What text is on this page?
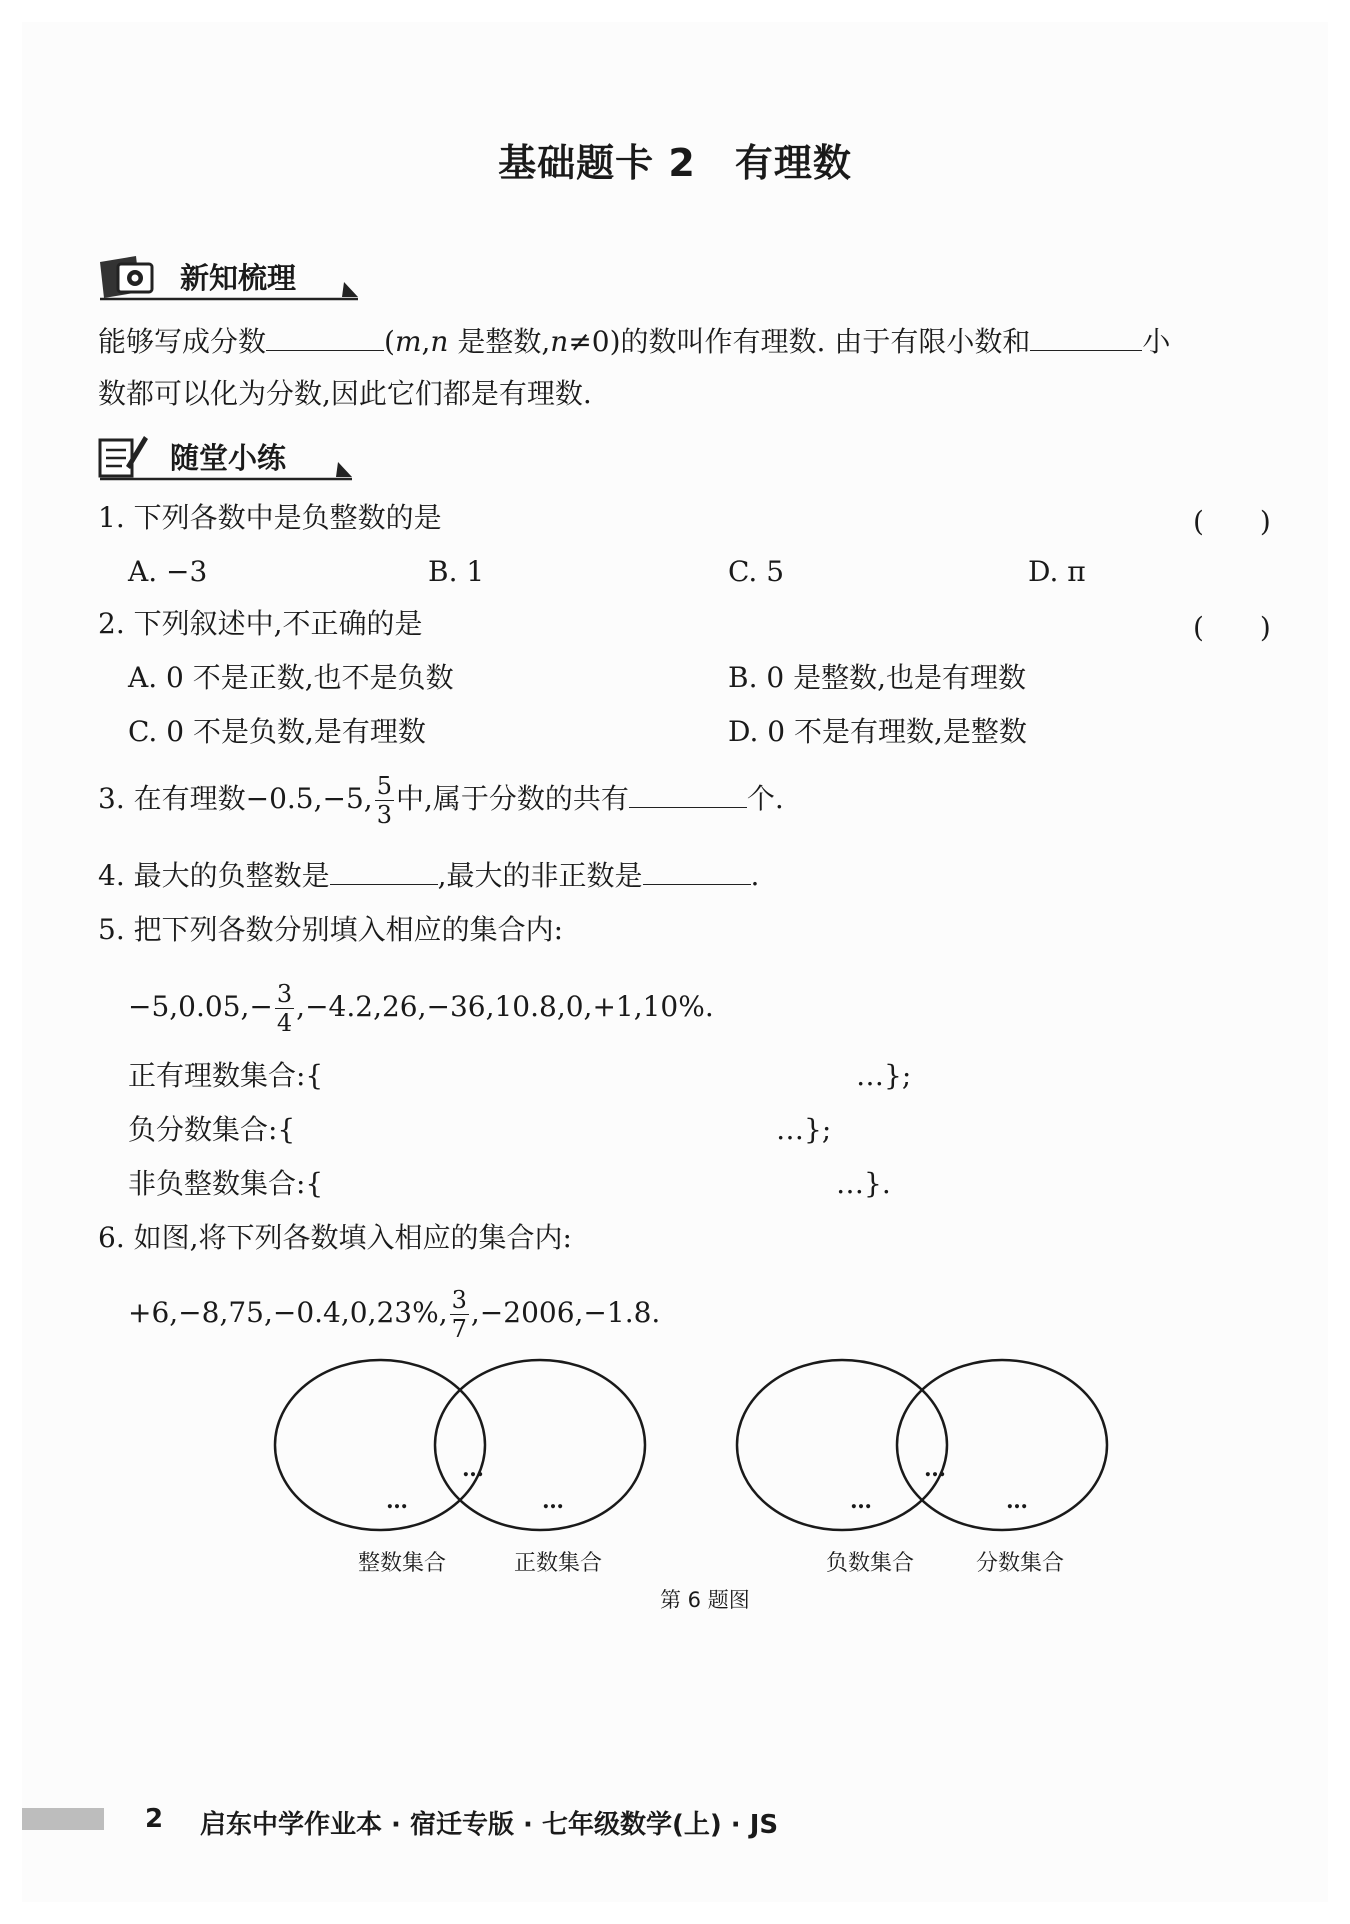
基础题卡 2　有理数
新知梳理
能够写成分数	(m,n 是整数,n≠0)的数叫作有理数. 由于有限小数和	小
数都可以化为分数,因此它们都是有理数.
随堂小练
1. 下列各数中是负整数的是	(　　)
A. −3	B. 1	C. 5	D. π
2. 下列叙述中,不正确的是	(　　)
A. 0 不是正数,也不是负数	B. 0 是整数,也是有理数
C. 0 不是负数,是有理数	D. 0 不是有理数,是整数
3. 在有理数−0.5,−5, $\frac{5}{3}$ 中,属于分数的共有	个.
4. 最大的负整数是	,最大的非正数是	.
5. 把下列各数分别填入相应的集合内:
$-5,0.05,- \frac{3}{4} ,-4.2,26,-36,10.8,0,+1,10\%$.
正有理数集合:{	…};
负分数集合:{	…};
非负整数集合:{	…}.
6. 如图,将下列各数填入相应的集合内:
+6,−8,75,−0.4,0,23%, $\frac{3}{7} ,-2006,-1.8$.
…
…
…	…
…
…
整数集合	正数集合	负数集合	分数集合
第 6 题图
2 启东中学作业本 · 宿迁专版 · 七年级数学(上) · JS
